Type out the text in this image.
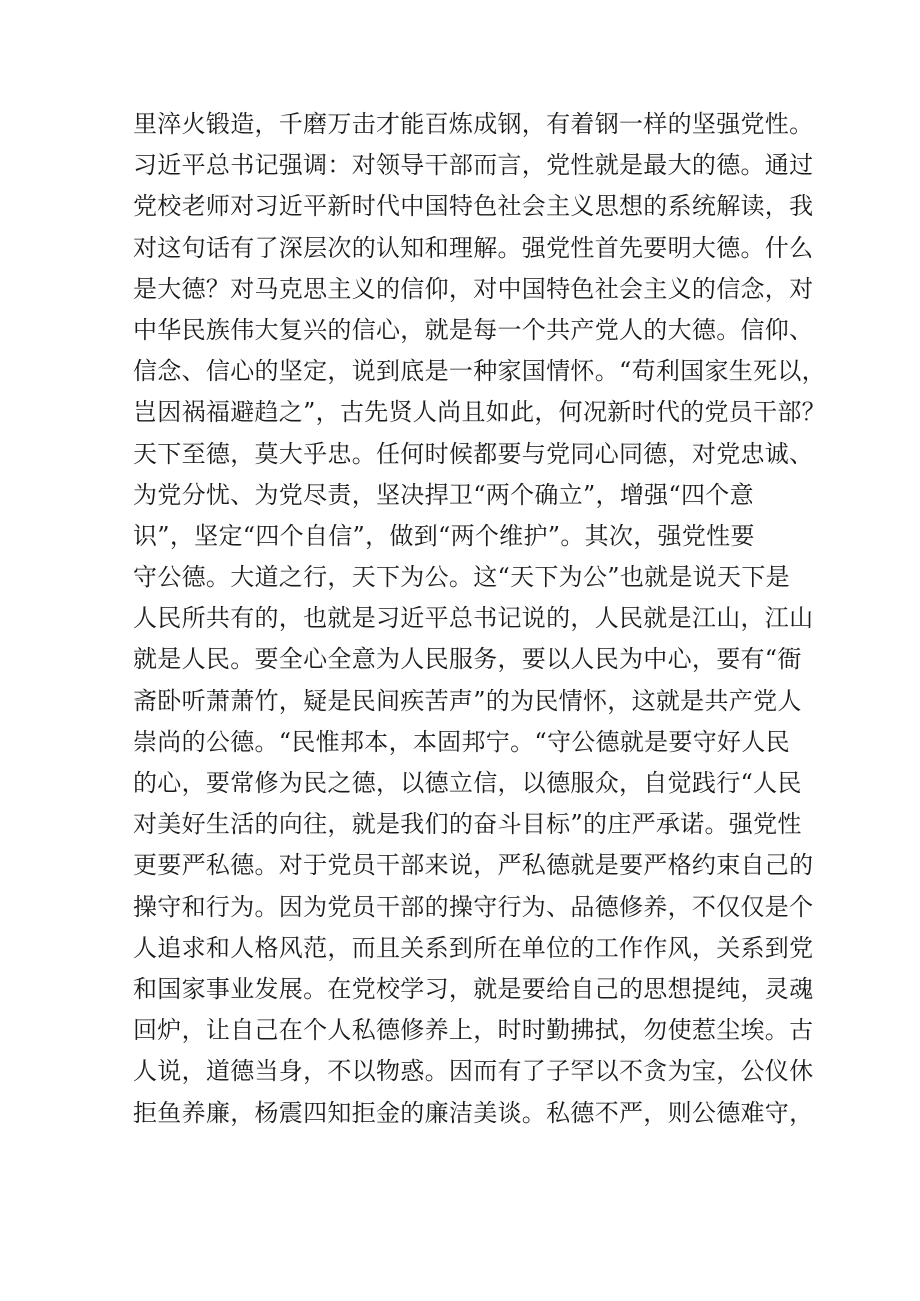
里淬火锻造，千磨万击才能百炼成钢，有着钢一样的坚强党性。
习近平总书记强调：对领导干部而言，党性就是最大的德。通过
党校老师对习近平新时代中国特色社会主义思想的系统解读，我
对这句话有了深层次的认知和理解。强党性首先要明大德。什么
是大德？对马克思主义的信仰，对中国特色社会主义的信念，对
中华民族伟大复兴的信心，就是每一个共产党人的大德。信仰、
信念、信心的坚定，说到底是一种家国情怀。“苟利国家生死以，
岂因祸福避趋之”，古先贤人尚且如此，何况新时代的党员干部？
天下至德，莫大乎忠。任何时候都要与党同心同德，对党忠诚、
为党分忧、为党尽责，坚决捍卫“两个确立”，增强“四个意
识”，坚定“四个自信”，做到“两个维护”。其次，强党性要
守公德。大道之行，天下为公。这“天下为公”也就是说天下是
人民所共有的，也就是习近平总书记说的，人民就是江山，江山
就是人民。要全心全意为人民服务，要以人民为中心，要有“衙
斋卧听萧萧竹，疑是民间疾苦声”的为民情怀，这就是共产党人
崇尚的公德。“民惟邦本，本固邦宁。“守公德就是要守好人民
的心，要常修为民之德，以德立信，以德服众，自觉践行“人民
对美好生活的向往，就是我们的奋斗目标”的庄严承诺。强党性
更要严私德。对于党员干部来说，严私德就是要严格约束自己的
操守和行为。因为党员干部的操守行为、品德修养，不仅仅是个
人追求和人格风范，而且关系到所在单位的工作作风，关系到党
和国家事业发展。在党校学习，就是要给自己的思想提纯，灵魂
回炉，让自己在个人私德修养上，时时勤拂拭，勿使惹尘埃。古
人说，道德当身，不以物惑。因而有了子罕以不贪为宝，公仪休
拒鱼养廉，杨震四知拒金的廉洁美谈。私德不严，则公德难守，
